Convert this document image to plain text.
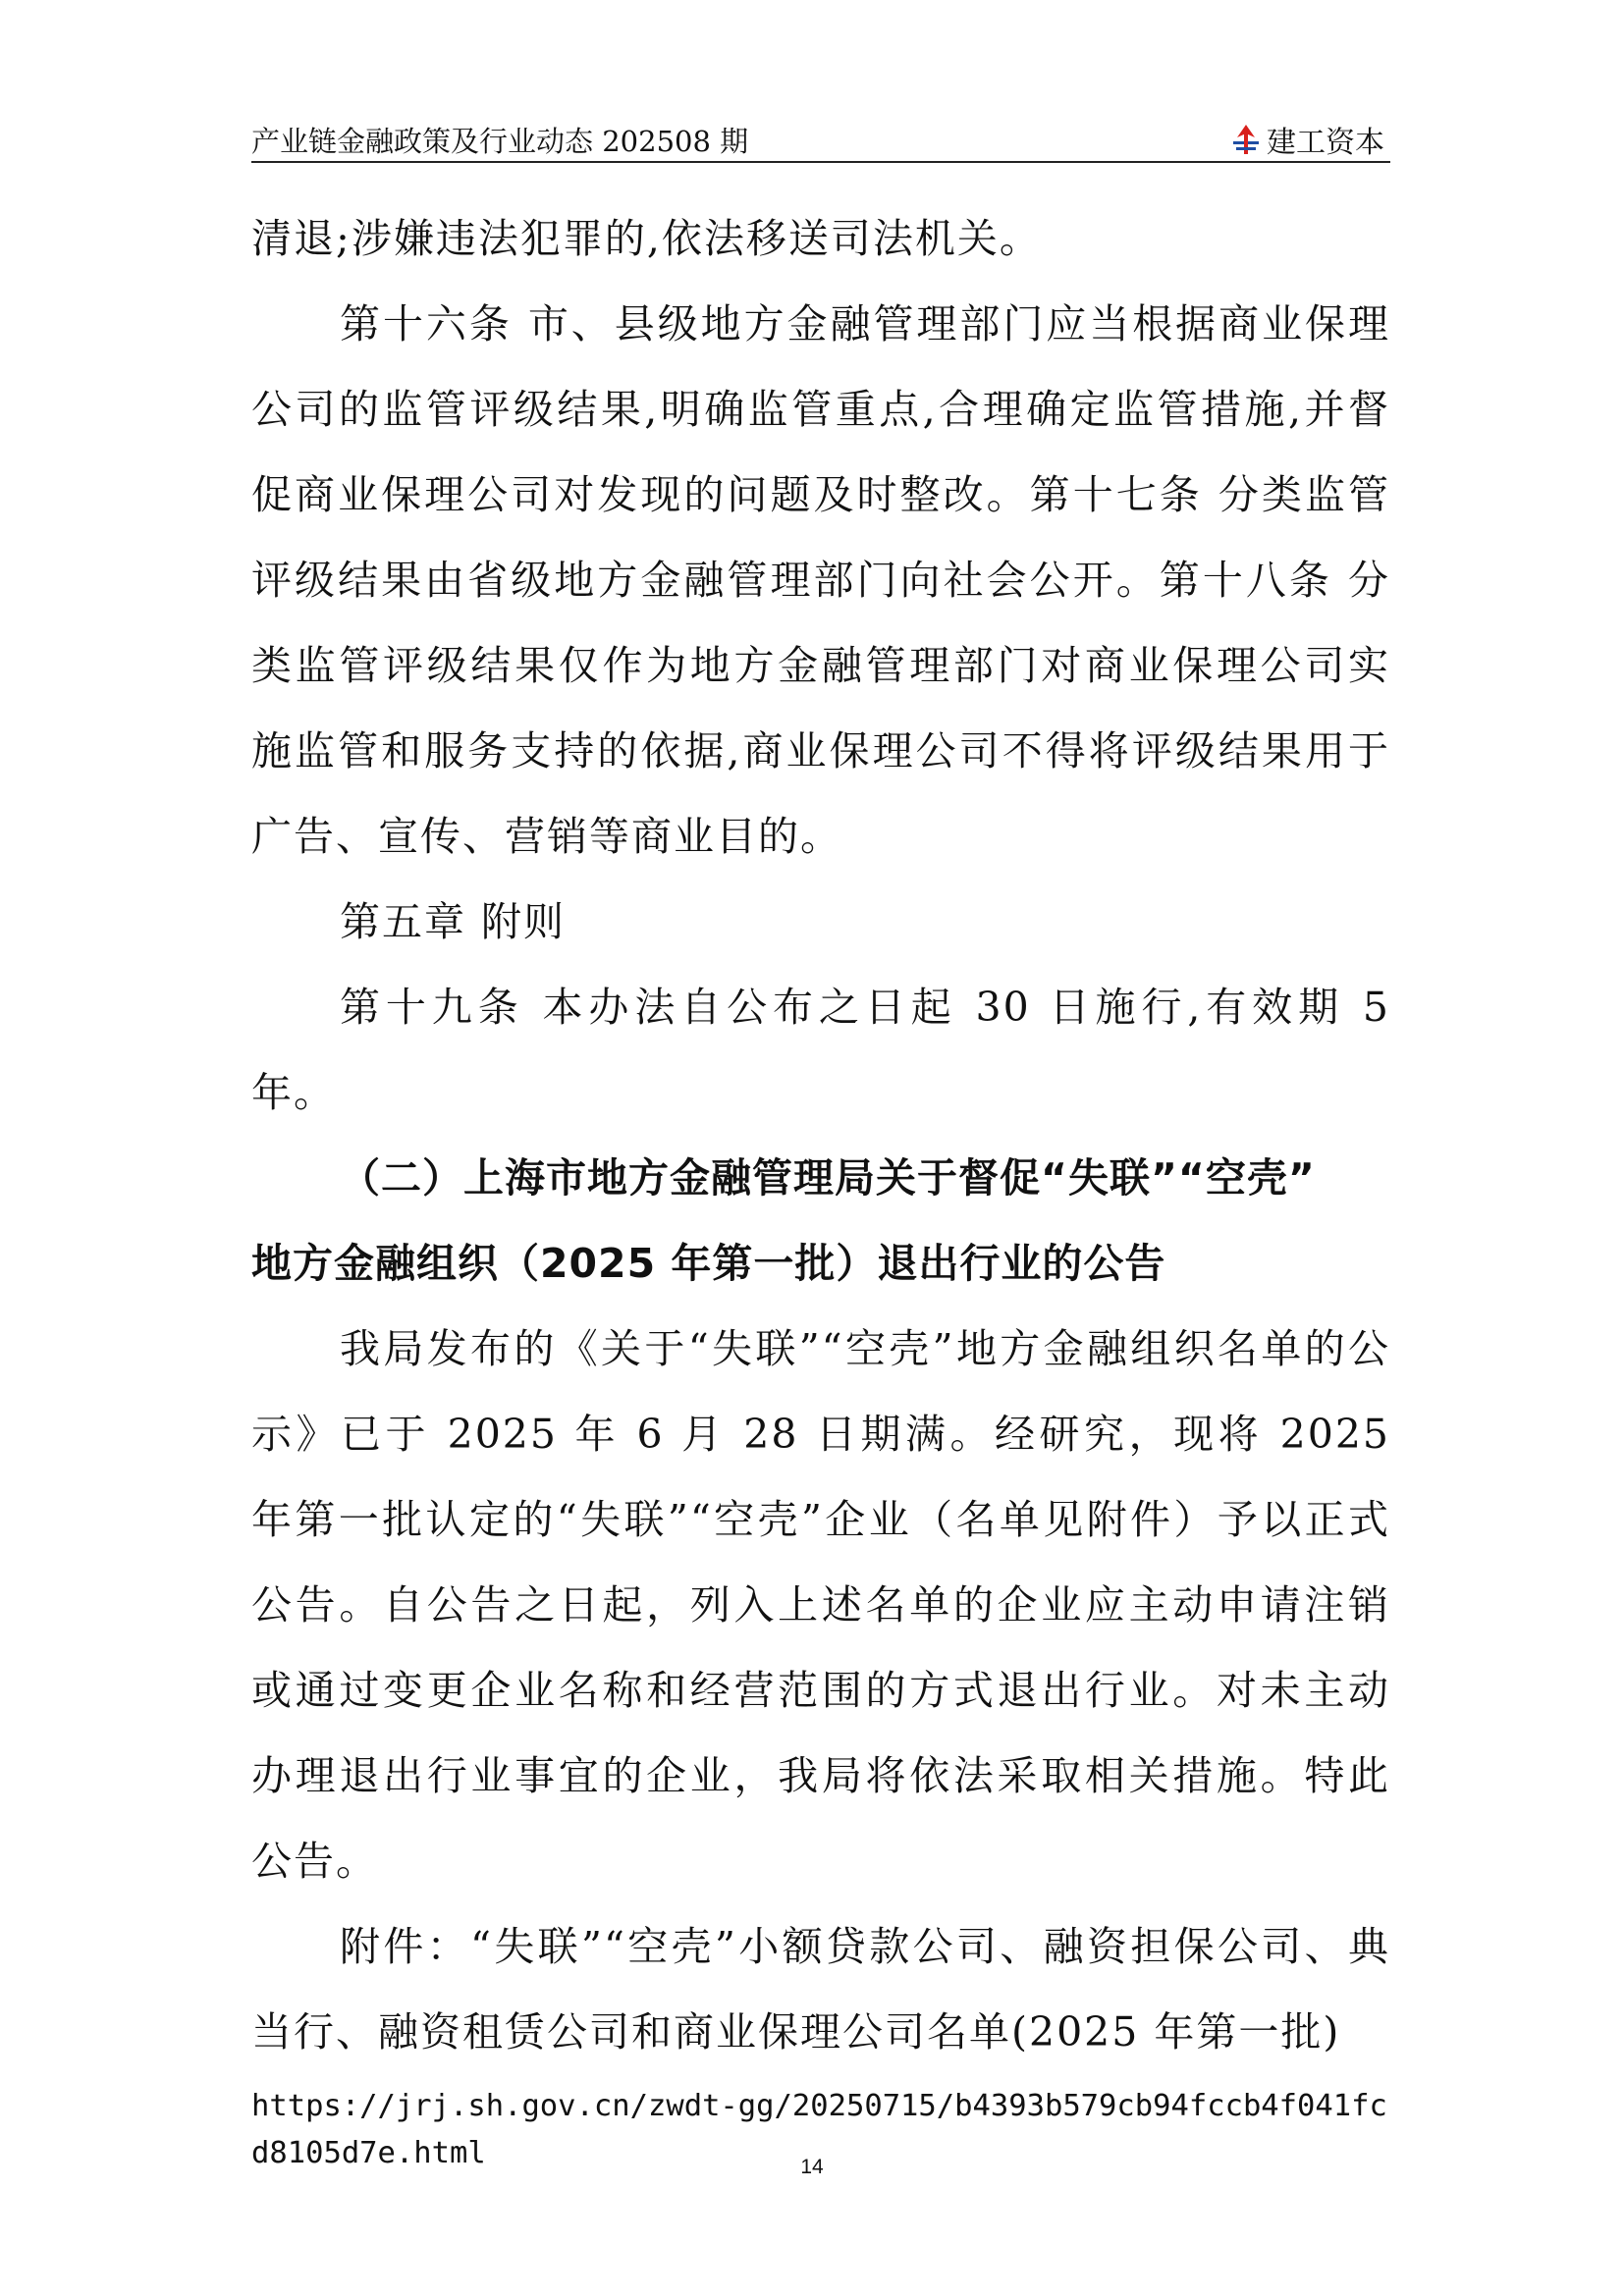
产业链金融政策及行业动态 202508 期	建工资本

清退;涉嫌违法犯罪的,依法移送司法机关。

第十六条 市、县级地方金融管理部门应当根据商业保理公司的监管评级结果,明确监管重点,合理确定监管措施,并督促商业保理公司对发现的问题及时整改。第十七条 分类监管评级结果由省级地方金融管理部门向社会公开。第十八条 分类监管评级结果仅作为地方金融管理部门对商业保理公司实施监管和服务支持的依据,商业保理公司不得将评级结果用于广告、宣传、营销等商业目的。

第五章 附则

第十九条 本办法自公布之日起 30 日施行,有效期 5 年。

（二）上海市地方金融管理局关于督促“失联”“空壳”

地方金融组织（2025 年第一批）退出行业的公告

我局发布的《关于“失联”“空壳”地方金融组织名单的公示》已于 2025 年 6 月 28 日期满。经研究，现将 2025 年第一批认定的“失联”“空壳”企业（名单见附件）予以正式公告。自公告之日起，列入上述名单的企业应主动申请注销或通过变更企业名称和经营范围的方式退出行业。对未主动办理退出行业事宜的企业，我局将依法采取相关措施。特此公告。

附件：“失联”“空壳”小额贷款公司、融资担保公司、典当行、融资租赁公司和商业保理公司名单(2025 年第一批)

https://jrj.sh.gov.cn/zwdt-gg/20250715/b4393b579cb94fccb4f041fcd8105d7e.html	14
